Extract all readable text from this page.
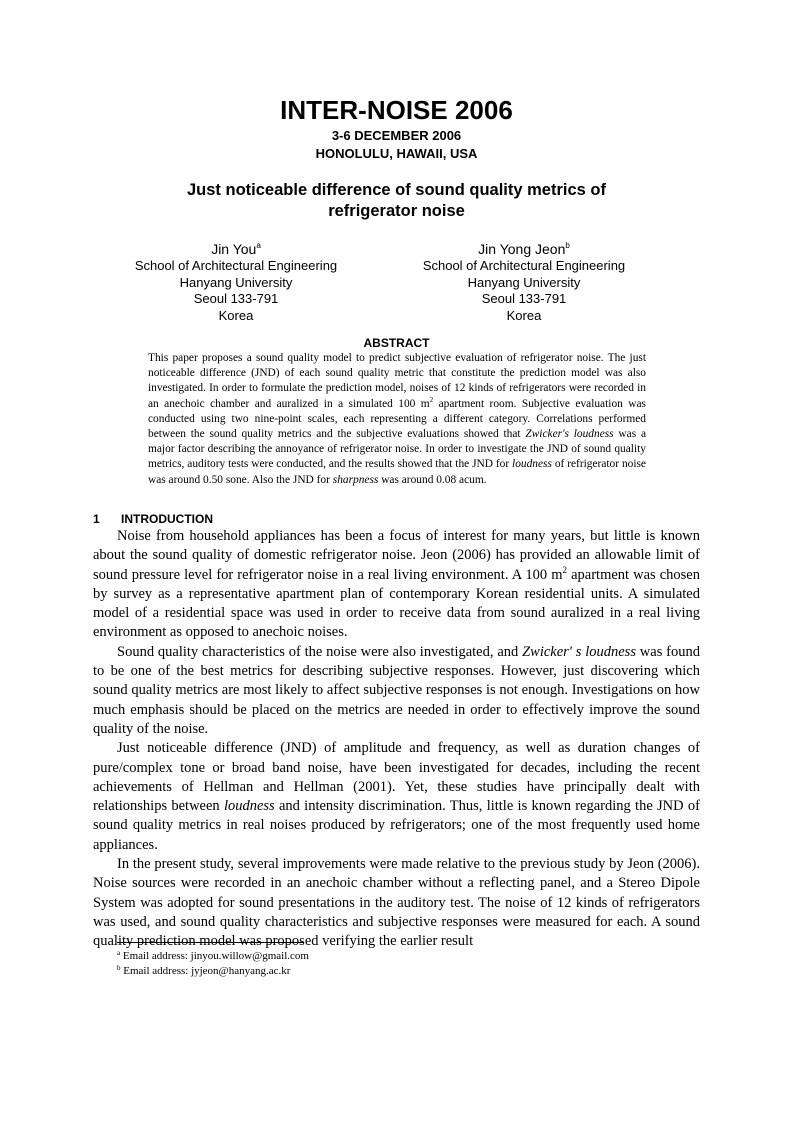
INTER-NOISE 2006
3-6 DECEMBER 2006
HONOLULU, HAWAII, USA
Just noticeable difference of sound quality metrics of
refrigerator noise
Jin You$^a$
School of Architectural Engineering
Hanyang University
Seoul 133-791
Korea
Jin Yong Jeon$^b$
School of Architectural Engineering
Hanyang University
Seoul 133-791
Korea
ABSTRACT
This paper proposes a sound quality model to predict subjective evaluation of refrigerator noise. The just noticeable difference (JND) of each sound quality metric that constitute the prediction model was also investigated. In order to formulate the prediction model, noises of 12 kinds of refrigerators were recorded in an anechoic chamber and auralized in a simulated 100 $m^2$ apartment room. Subjective evaluation was conducted using two nine-point scales, each representing a different category. Correlations performed between the sound quality metrics and the subjective evaluations showed that Zwicker's loudness was a major factor describing the annoyance of refrigerator noise. In order to investigate the JND of sound quality metrics, auditory tests were conducted, and the results showed that the JND for loudness of refrigerator noise was around 0.50 sone. Also the JND for sharpness was around 0.08 acum.
1 INTRODUCTION

Noise from household appliances has been a focus of interest for many years, but little is known about the sound quality of domestic refrigerator noise. Jeon (2006) has provided an allowable limit of sound pressure level for refrigerator noise in a real living environment. A 100 $m^2$ apartment was chosen by survey as a representative apartment plan of contemporary Korean residential units. A simulated model of a residential space was used in order to receive data from sound auralized in a real living environment as opposed to anechoic noises.

Sound quality characteristics of the noise were also investigated, and Zwicker' s loudness was found to be one of the best metrics for describing subjective responses. However, just discovering which sound quality metrics are most likely to affect subjective responses is not enough. Investigations on how much emphasis should be placed on the metrics are needed in order to effectively improve the sound quality of the noise.

Just noticeable difference (JND) of amplitude and frequency, as well as duration changes of pure/complex tone or broad band noise, have been investigated for decades, including the recent achievements of Hellman and Hellman (2001). Yet, these studies have principally dealt with relationships between loudness and intensity discrimination. Thus, little is known regarding the JND of sound quality metrics in real noises produced by refrigerators; one of the most frequently used home appliances.

In the present study, several improvements were made relative to the previous study by Jeon (2006). Noise sources were recorded in an anechoic chamber without a reflecting panel, and a Stereo Dipole System was adopted for sound presentations in the auditory test. The noise of 12 kinds of refrigerators was used, and sound quality characteristics and subjective responses were measured for each. A sound quality prediction model was proposed verifying the earlier result

$^a$ Email address: jinyou.willow@gmail.com
$^b$ Email address: jyjeon@hanyang.ac.kr
